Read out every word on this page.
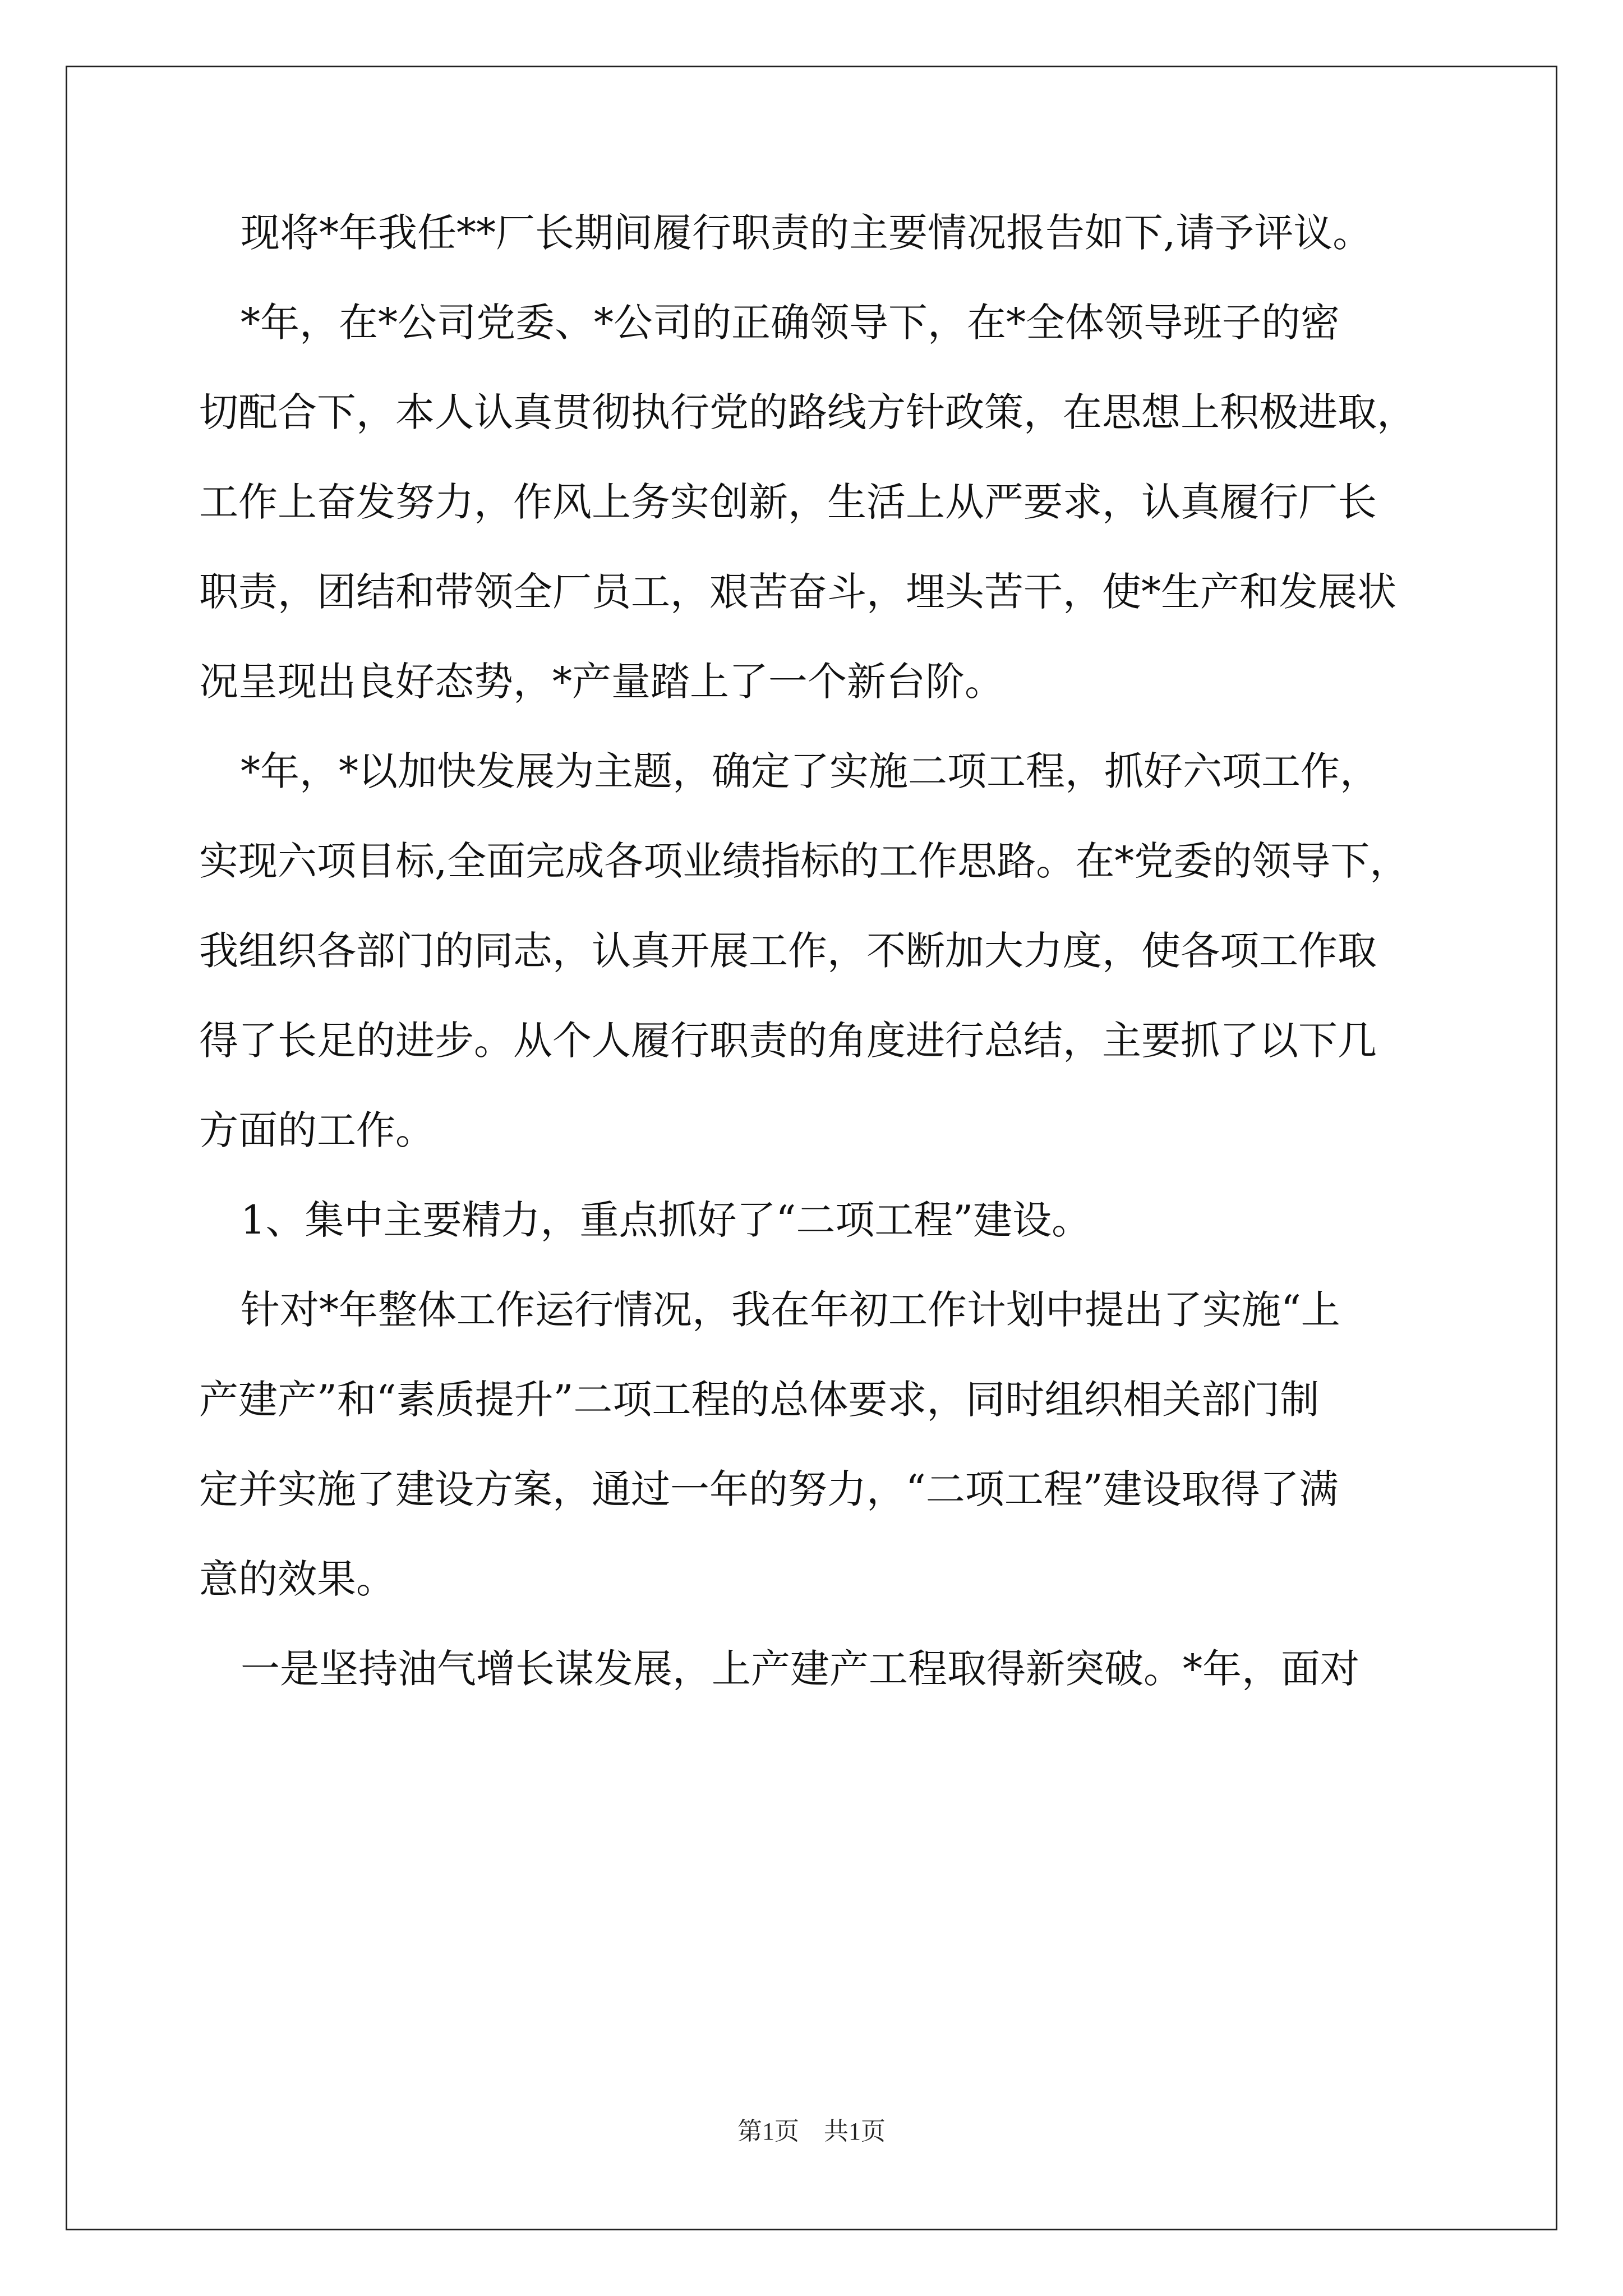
现将*年我任**厂长期间履行职责的主要情况报告如下,请予评议。
*年，在*公司党委、*公司的正确领导下，在*全体领导班子的密
切配合下，本人认真贯彻执行党的路线方针政策，在思想上积极进取，
工作上奋发努力，作风上务实创新，生活上从严要求，认真履行厂长
职责，团结和带领全厂员工，艰苦奋斗，埋头苦干，使*生产和发展状
况呈现出良好态势，*产量踏上了一个新台阶。
*年，*以加快发展为主题，确定了实施二项工程，抓好六项工作，
实现六项目标,全面完成各项业绩指标的工作思路。在*党委的领导下，
我组织各部门的同志，认真开展工作，不断加大力度，使各项工作取
得了长足的进步。从个人履行职责的角度进行总结，主要抓了以下几
方面的工作。
1、集中主要精力，重点抓好了“二项工程”建设。
针对*年整体工作运行情况，我在年初工作计划中提出了实施“上
产建产”和“素质提升”二项工程的总体要求，同时组织相关部门制
定并实施了建设方案，通过一年的努力，“二项工程”建设取得了满
意的效果。
一是坚持油气增长谋发展，上产建产工程取得新突破。*年，面对
第1页　共1页
